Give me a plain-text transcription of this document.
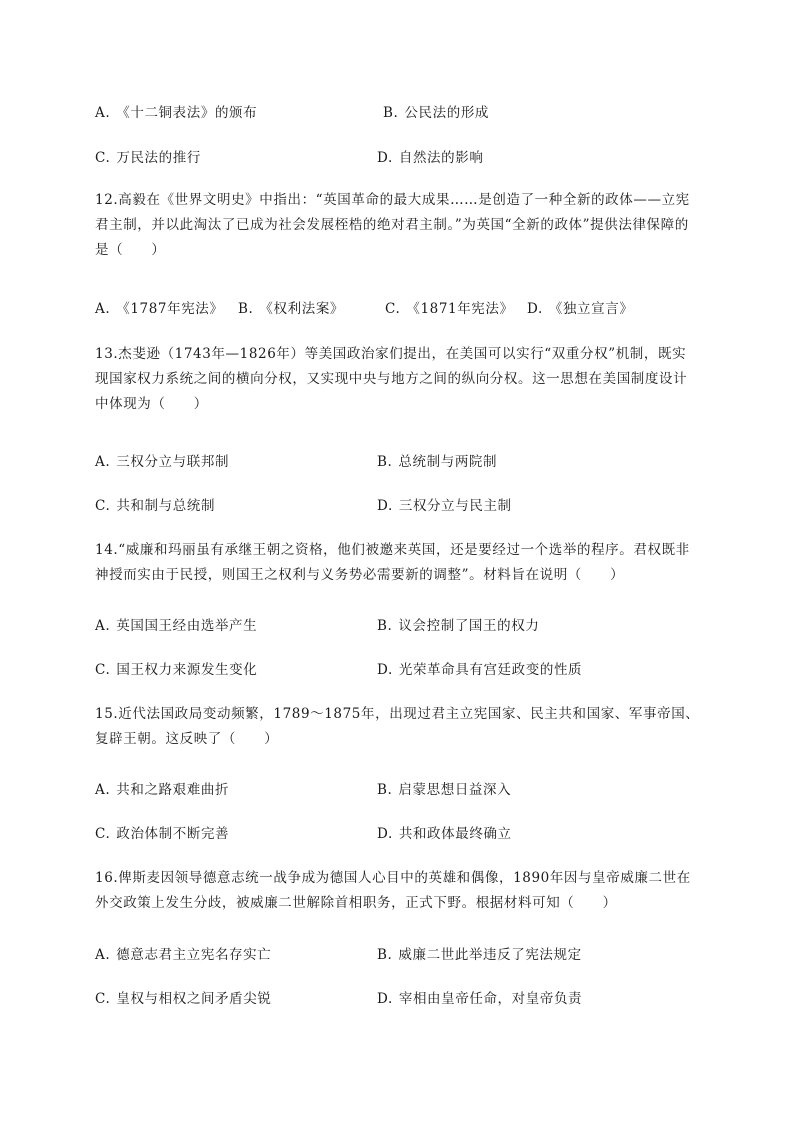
A. 《十二铜表法》的颁布	B. 公民法的形成
C. 万民法的推行	D. 自然法的影响

12.高毅在《世界文明史》中指出：“英国革命的最大成果……是创造了一种全新的政体——立宪君主制，并以此淘汰了已成为社会发展桎梏的绝对君主制。”为英国“全新的政体”提供法律保障的是（　　）

A. 《1787年宪法》 B. 《权利法案》	C. 《1871年宪法》 D. 《独立宣言》

13.杰斐逊（1743年—1826年）等美国政治家们提出，在美国可以实行“双重分权”机制，既实现国家权力系统之间的横向分权，又实现中央与地方之间的纵向分权。这一思想在美国制度设计中体现为（　　）

A. 三权分立与联邦制	B. 总统制与两院制
C. 共和制与总统制	D. 三权分立与民主制

14.“威廉和玛丽虽有承继王朝之资格，他们被邀来英国，还是要经过一个选举的程序。君权既非神授而实由于民授，则国王之权利与义务势必需要新的调整”。材料旨在说明（　　）

A. 英国国王经由选举产生	B. 议会控制了国王的权力
C. 国王权力来源发生变化	D. 光荣革命具有宫廷政变的性质

15.近代法国政局变动频繁，1789～1875年，出现过君主立宪国家、民主共和国家、军事帝国、复辟王朝。这反映了（　　）

A. 共和之路艰难曲折	B. 启蒙思想日益深入
C. 政治体制不断完善	D. 共和政体最终确立

16.俾斯麦因领导德意志统一战争成为德国人心目中的英雄和偶像，1890年因与皇帝威廉二世在外交政策上发生分歧，被威廉二世解除首相职务，正式下野。根据材料可知（　　）

A. 德意志君主立宪名存实亡	B. 威廉二世此举违反了宪法规定
C. 皇权与相权之间矛盾尖锐	D. 宰相由皇帝任命，对皇帝负责
